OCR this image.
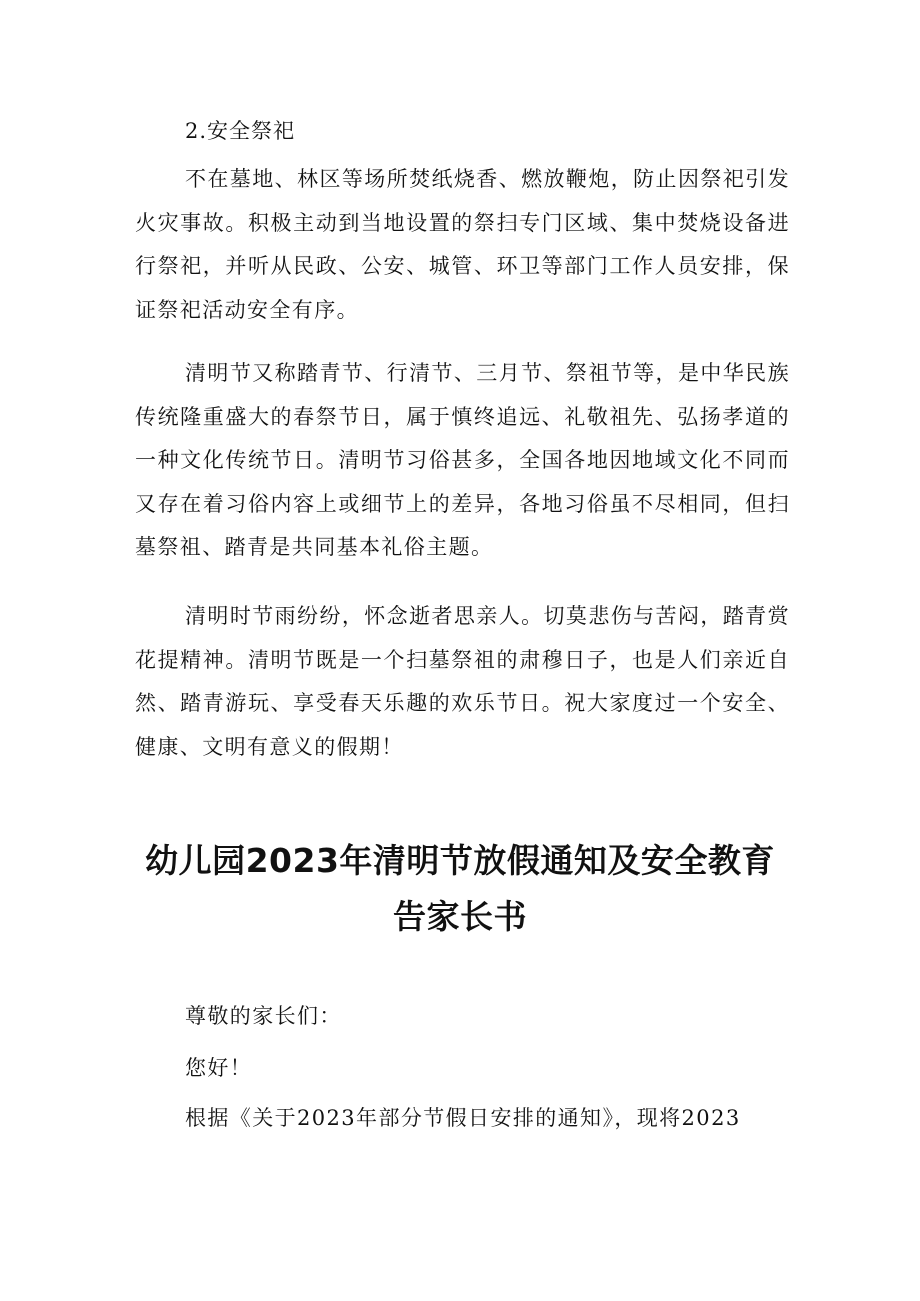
2.安全祭祀

不在墓地、林区等场所焚纸烧香、燃放鞭炮，防止因祭祀引发火灾事故。积极主动到当地设置的祭扫专门区域、集中焚烧设备进行祭祀，并听从民政、公安、城管、环卫等部门工作人员安排，保证祭祀活动安全有序。

清明节又称踏青节、行清节、三月节、祭祖节等，是中华民族传统隆重盛大的春祭节日，属于慎终追远、礼敬祖先、弘扬孝道的一种文化传统节日。清明节习俗甚多，全国各地因地域文化不同而又存在着习俗内容上或细节上的差异，各地习俗虽不尽相同，但扫墓祭祖、踏青是共同基本礼俗主题。

清明时节雨纷纷，怀念逝者思亲人。切莫悲伤与苦闷，踏青赏花提精神。清明节既是一个扫墓祭祖的肃穆日子，也是人们亲近自然、踏青游玩、享受春天乐趣的欢乐节日。祝大家度过一个安全、健康、文明有意义的假期！

幼儿园2023年清明节放假通知及安全教育
告家长书

尊敬的家长们：

您好！

根据《关于2023年部分节假日安排的通知》，现将2023
